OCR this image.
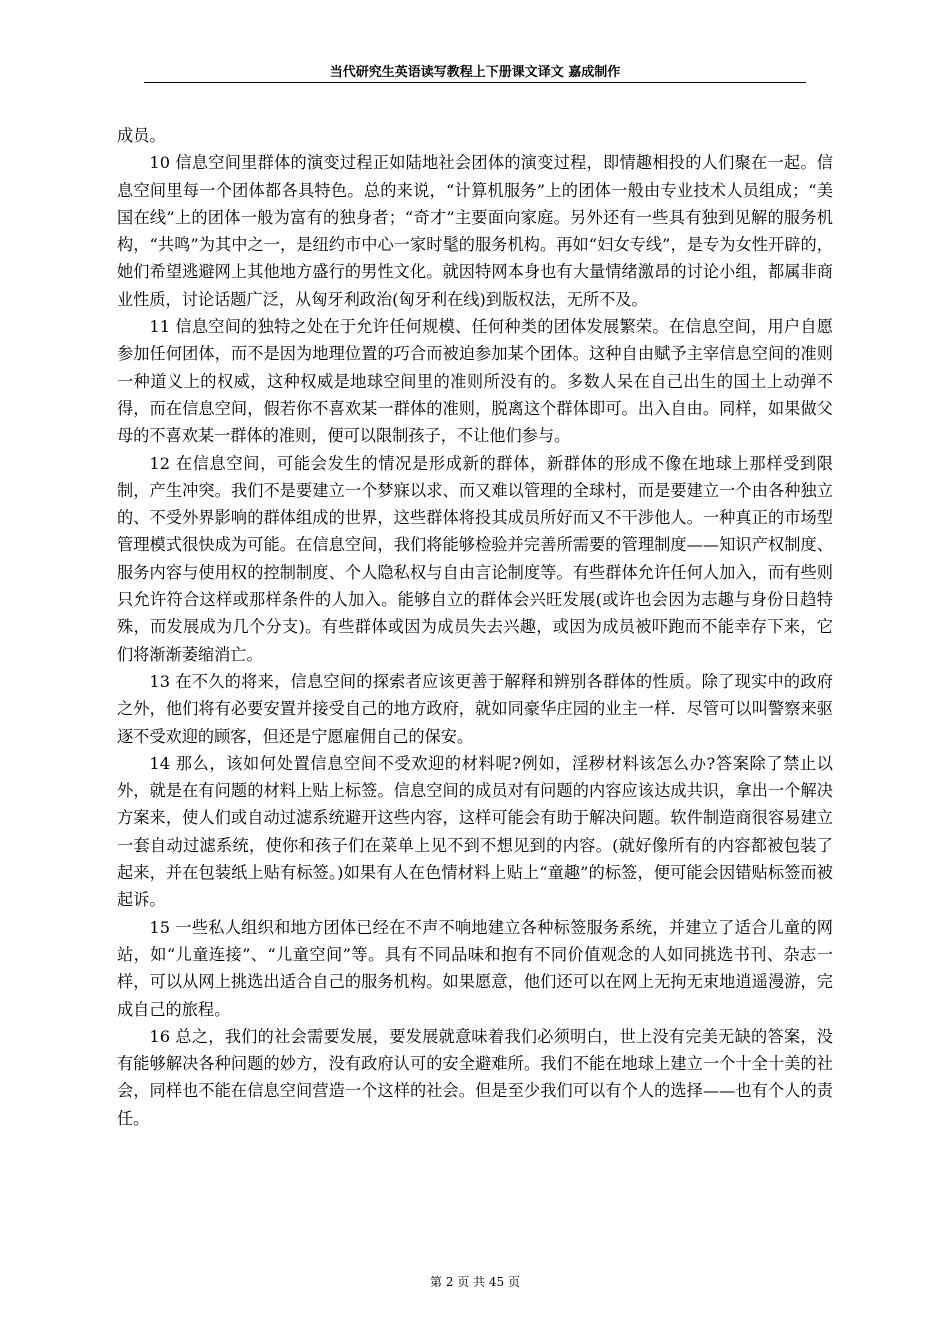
当代研究生英语读写教程上下册课文译文 嘉成制作

成员。

10 信息空间里群体的演变过程正如陆地社会团体的演变过程，即情趣相投的人们聚在一起。信息空间里每一个团体都各具特色。总的来说，“计算机服务”上的团体一般由专业技术人员组成；“美国在线”上的团体一般为富有的独身者；“奇才”主要面向家庭。另外还有一些具有独到见解的服务机构，“共鸣”为其中之一，是纽约市中心一家时髦的服务机构。再如“妇女专线”，是专为女性开辟的，她们希望逃避网上其他地方盛行的男性文化。就因特网本身也有大量情绪激昂的讨论小组，都属非商业性质，讨论话题广泛，从匈牙利政治(匈牙利在线)到版权法，无所不及。

11 信息空间的独特之处在于允许任何规模、任何种类的团体发展繁荣。在信息空间，用户自愿参加任何团体，而不是因为地理位置的巧合而被迫参加某个团体。这种自由赋予主宰信息空间的准则一种道义上的权威，这种权威是地球空间里的准则所没有的。多数人呆在自己出生的国土上动弹不得，而在信息空间，假若你不喜欢某一群体的准则，脱离这个群体即可。出入自由。同样，如果做父母的不喜欢某一群体的准则，便可以限制孩子，不让他们参与。

12 在信息空间，可能会发生的情况是形成新的群体，新群体的形成不像在地球上那样受到限制，产生冲突。我们不是要建立一个梦寐以求、而又难以管理的全球村，而是要建立一个由各种独立的、不受外界影响的群体组成的世界，这些群体将投其成员所好而又不干涉他人。一种真正的市场型管理模式很快成为可能。在信息空间，我们将能够检验并完善所需要的管理制度——知识产权制度、服务内容与使用权的控制制度、个人隐私权与自由言论制度等。有些群体允许任何人加入，而有些则只允许符合这样或那样条件的人加入。能够自立的群体会兴旺发展(或许也会因为志趣与身份日趋特殊，而发展成为几个分支)。有些群体或因为成员失去兴趣，或因为成员被吓跑而不能幸存下来，它们将渐渐萎缩消亡。

13 在不久的将来，信息空间的探索者应该更善于解释和辨别各群体的性质。除了现实中的政府之外，他们将有必要安置并接受自己的地方政府，就如同豪华庄园的业主一样．尽管可以叫警察来驱逐不受欢迎的顾客，但还是宁愿雇佣自己的保安。

14 那么，该如何处置信息空间不受欢迎的材料呢?例如，淫秽材料该怎么办?答案除了禁止以外，就是在有问题的材料上贴上标签。信息空间的成员对有问题的内容应该达成共识，拿出一个解决方案来，使人们或自动过滤系统避开这些内容，这样可能会有助于解决问题。软件制造商很容易建立一套自动过滤系统，使你和孩子们在菜单上见不到不想见到的内容。(就好像所有的内容都被包装了起来，并在包装纸上贴有标签。)如果有人在色情材料上贴上“童趣”的标签，便可能会因错贴标签而被起诉。

15 一些私人组织和地方团体已经在不声不响地建立各种标签服务系统，并建立了适合儿童的网站，如“儿童连接”、“儿童空间”等。具有不同品味和抱有不同价值观念的人如同挑选书刊、杂志一样，可以从网上挑选出适合自己的服务机构。如果愿意，他们还可以在网上无拘无束地逍遥漫游，完成自己的旅程。

16 总之，我们的社会需要发展，要发展就意味着我们必须明白，世上没有完美无缺的答案，没有能够解决各种问题的妙方，没有政府认可的安全避难所。我们不能在地球上建立一个十全十美的社会，同样也不能在信息空间营造一个这样的社会。但是至少我们可以有个人的选择——也有个人的责任。

第 2 页 共 45 页
